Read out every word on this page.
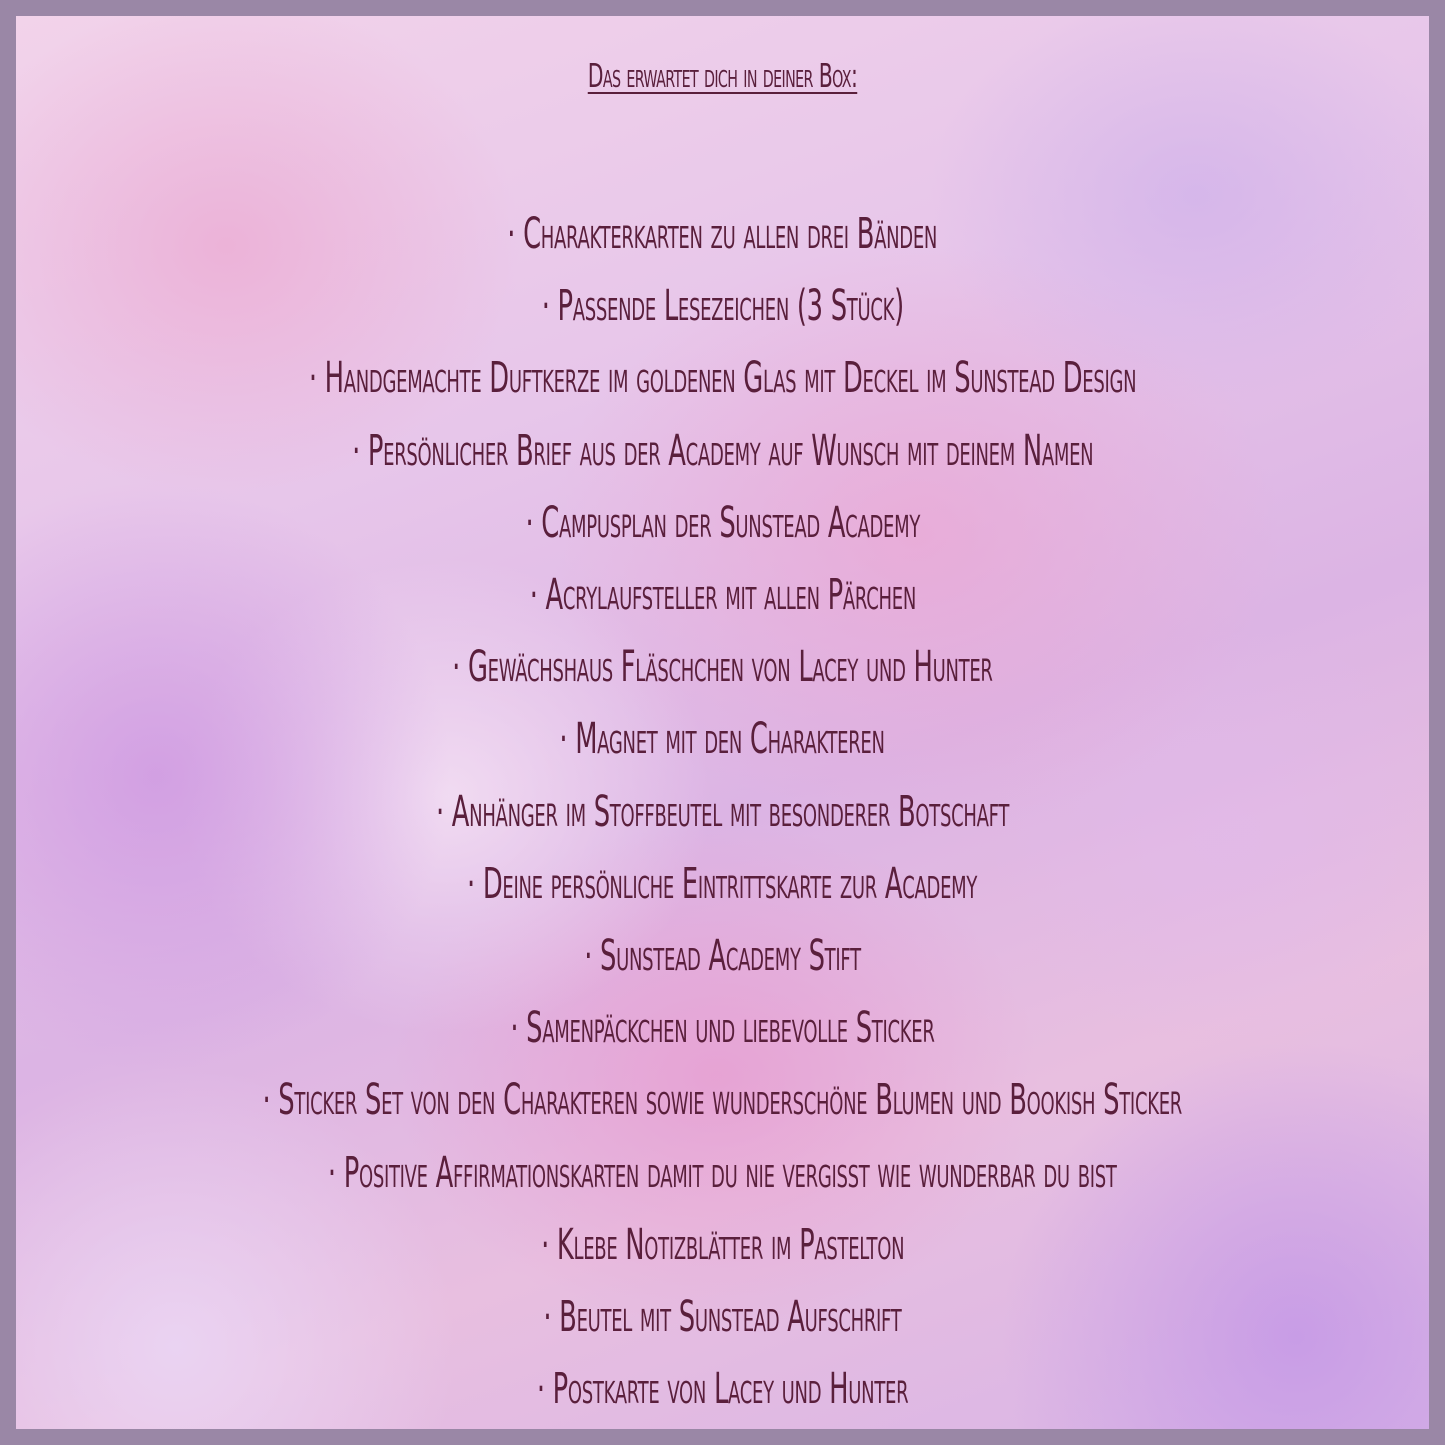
Das erwartet dich in deiner Box:
· Charakterkarten zu allen drei Bänden
· Passende Lesezeichen (3 Stück)
· Handgemachte Duftkerze im goldenen Glas mit Deckel im Sunstead Design
· Persönlicher Brief aus der Academy auf Wunsch mit deinem Namen
· Campusplan der Sunstead Academy
· Acrylaufsteller mit allen Pärchen
· Gewächshaus Fläschchen von Lacey und Hunter
· Magnet mit den Charakteren
· Anhänger im Stoffbeutel mit besonderer Botschaft
· Deine persönliche Eintrittskarte zur Academy
· Sunstead Academy Stift
· Samenpäckchen und liebevolle Sticker
· Sticker Set von den Charakteren sowie wunderschöne Blumen und Bookish Sticker
· Positive Affirmationskarten damit du nie vergisst wie wunderbar du bist
· Klebe Notizblätter im Pastelton
· Beutel mit Sunstead Aufschrift
· Postkarte von Lacey und Hunter
